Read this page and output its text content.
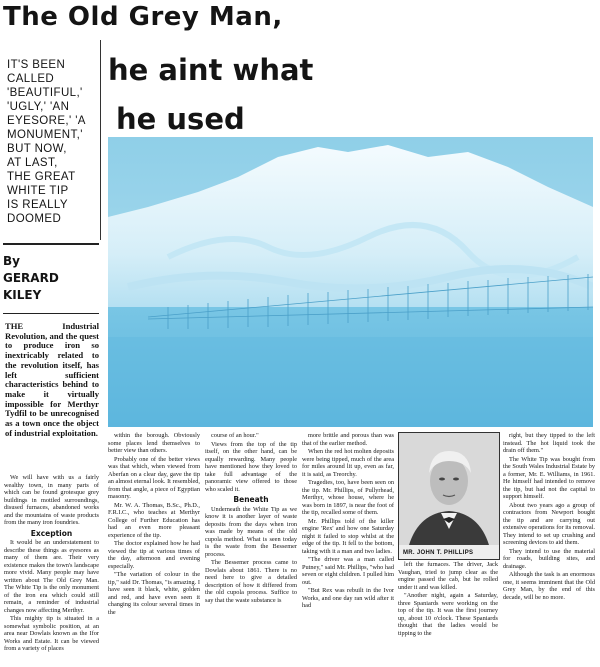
The Old Grey Man,
he aint what
he used
IT'S BEEN
CALLED
'BEAUTIFUL,'
'UGLY,' 'AN
EYESORE,' 'A
MONUMENT,'
BUT NOW,
AT LAST,
THE GREAT
WHITE TIP
IS REALLY
DOOMED
By
GERARD
KILEY
THE Industrial Revolution, and the quest to produce iron so inextricably related to the revolution itself, has left sufficient characteristics behind to make it virtually impossible for Merthyr Tydfil to be unrecognised as a town once the object of industrial exploitation.

We will have with us a fairly wealthy town, in many parts of which can be found grotesque grey buildings in mottled surroundings, disused furnaces, abandoned works and the mountains of waste products from the many iron foundries.

Exception

It would be an understatement to describe these things as eyesores as many of them are. Their very existence makes the town's landscape more vivid. Many people may have written about The Old Grey Man. The White Tip is the only monument of the iron era which could still remain, a reminder of industrial changes now affecting Merthyr.

This mighty tip is situated in a somewhat symbolic position, at an area near Dowlais known as the Ifor Works and Estate. It can be viewed from a variety of places

within the borough. Obviously some places lend themselves to better view than others.

Probably one of the better views was that which, when viewed from Aberfan on a clear day, gave the tip an almost eternal look. It resembled, from that angle, a piece of Egyptian masonry.

Mr. W. A. Thomas, B.Sc., Ph.D., F.R.I.C., who teaches at Merthyr College of Further Education has had an even more pleasant experience of the tip.

The doctor explained how he had viewed the tip at various times of the day, afternoon and evening especially.

"The variation of colour in the tip," said Dr. Thomas, "is amazing. I have seen it black, white, golden and red, and have even seen it changing its colour several times in the

course of an hour."

Views from the top of the tip itself, on the other hand, can be equally rewarding. Many people have mentioned how they loved to take full advantage of the panoramic view offered to those who scaled it.

Beneath

Underneath the White Tip as we know it is another layer of waste deposits from the days when iron was made by means of the old cupola method. What is seen today is the waste from the Bessemer process.

The Bessemer process came to Dowlais about 1861. There is no need here to give a detailed description of how it differed from the old cupola process. Suffice to say that the waste substance is

more brittle and porous than was that of the earlier method.

When the red hot molten deposits were being tipped, much of the area for miles around lit up, even as far, it is said, as Treorchy.

Tragedies, too, have been seen on the tip. Mr. Phillips, of Pullyrhead, Merthyr, whose house, where he was born in 1897, is near the foot of the tip, recalled some of them.

Mr. Phillips told of the killer engine 'Rex' and how one Saturday night it failed to stop whilst at the edge of the tip. It fell to the bottom, taking with it a man and two ladies.

"The driver was a man called Putney," said Mr. Phillips, "who had seven or eight children. I pulled him out.

"But Rex was rebuilt in the Ivor Works, and one day ran wild after it had

MR. JOHN T. PHILLIPS

left the furnaces. The driver, Jack Vaughan, tried to jump clear as the engine passed the cab, but he rolled under it and was killed.

"Another night, again a Saturday, three Spaniards were working on the top of the tip. It was the first journey up, about 10 o'clock. These Spaniards thought that the ladies would be tipping to the

right, but they tipped to the left instead. The hot liquid took the drain off them."

The White Tip was bought from the South Wales Industrial Estate by a former, Mr. E. Williams, in 1961. He himself had intended to remove the tip, but had not the capital to support himself.

About two years ago a group of contractors from Newport bought the tip and are carrying out extensive operations for its removal. They intend to set up crushing and screening devices to aid them.

They intend to use the material for roads, building sites, and drainage.

Although the task is an enormous one, it seems imminent that the Old Grey Man, by the end of this decade, will be no more.
